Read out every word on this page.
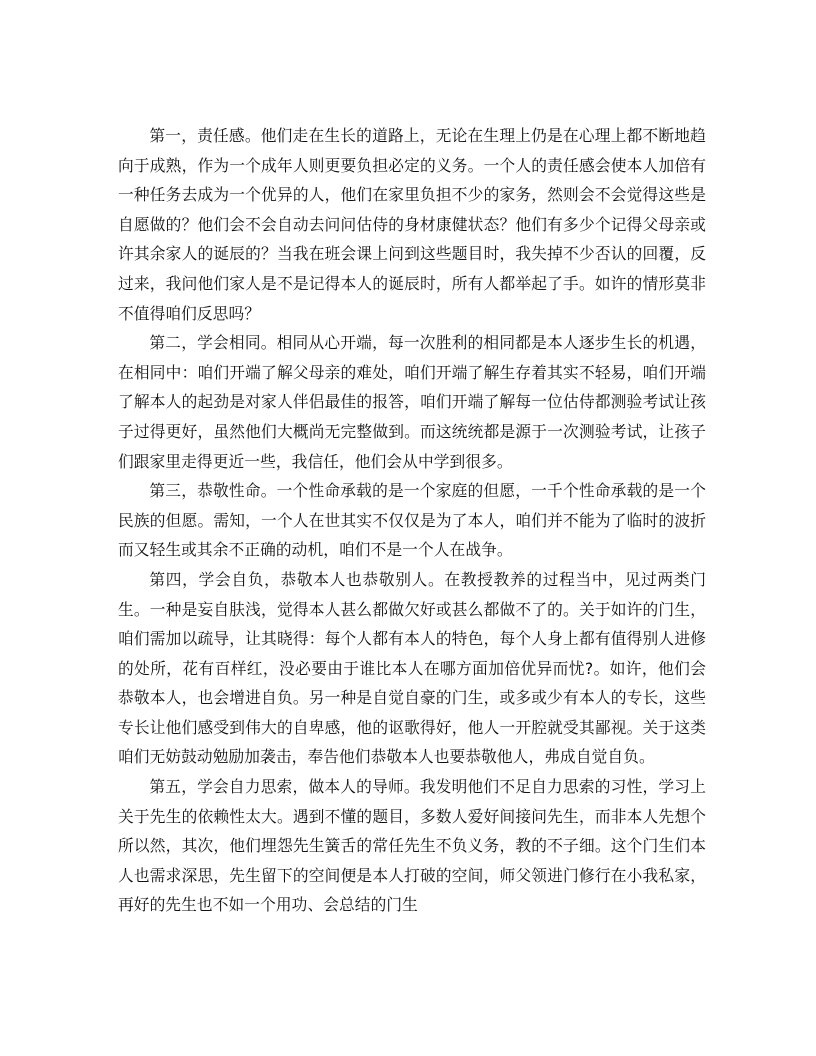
第一，责任感。他们走在生长的道路上，无论在生理上仍是在心理上都不断地趋向于成熟，作为一个成年人则更要负担必定的义务。一个人的责任感会使本人加倍有一种任务去成为一个优异的人，他们在家里负担不少的家务，然则会不会觉得这些是自愿做的？他们会不会自动去问问估侍的身材康健状态？他们有多少个记得父母亲或许其余家人的诞辰的？当我在班会课上问到这些题目时，我失掉不少否认的回覆，反过来，我问他们家人是不是记得本人的诞辰时，所有人都举起了手。如许的情形莫非不值得咱们反思吗？

第二，学会相同。相同从心开端，每一次胜利的相同都是本人逐步生长的机遇，在相同中：咱们开端了解父母亲的难处，咱们开端了解生存着其实不轻易，咱们开端了解本人的起劲是对家人伴侣最佳的报答，咱们开端了解每一位估侍都测验考试让孩子过得更好，虽然他们大概尚无完整做到。而这统统都是源于一次测验考试，让孩子们跟家里走得更近一些，我信任，他们会从中学到很多。

第三，恭敬性命。一个性命承载的是一个家庭的但愿，一千个性命承载的是一个民族的但愿。需知，一个人在世其实不仅仅是为了本人，咱们并不能为了临时的波折而又轻生或其余不正确的动机，咱们不是一个人在战争。

第四，学会自负，恭敬本人也恭敬别人。在教授教养的过程当中，见过两类门生。一种是妄自肤浅，觉得本人甚么都做欠好或甚么都做不了的。关于如许的门生，咱们需加以疏导，让其晓得：每个人都有本人的特色，每个人身上都有值得别人进修的处所，花有百样红，没必要由于谁比本人在哪方面加倍优异而忧?。如许，他们会恭敬本人，也会增进自负。另一种是自觉自豪的门生，或多或少有本人的专长，这些专长让他们感受到伟大的自卑感，他的讴歌得好，他人一开腔就受其鄙视。关于这类咱们无妨鼓动勉励加袭击，奉告他们恭敬本人也要恭敬他人，弗成自觉自负。

第五，学会自力思索，做本人的导师。我发明他们不足自力思索的习性，学习上关于先生的依赖性太大。遇到不懂的题目，多数人爱好间接问先生，而非本人先想个所以然，其次，他们埋怨先生簧舌的常任先生不负义务，教的不子细。这个门生们本人也需求深思，先生留下的空间便是本人打破的空间，师父领进门修行在小我私家，再好的先生也不如一个用功、会总结的门生
